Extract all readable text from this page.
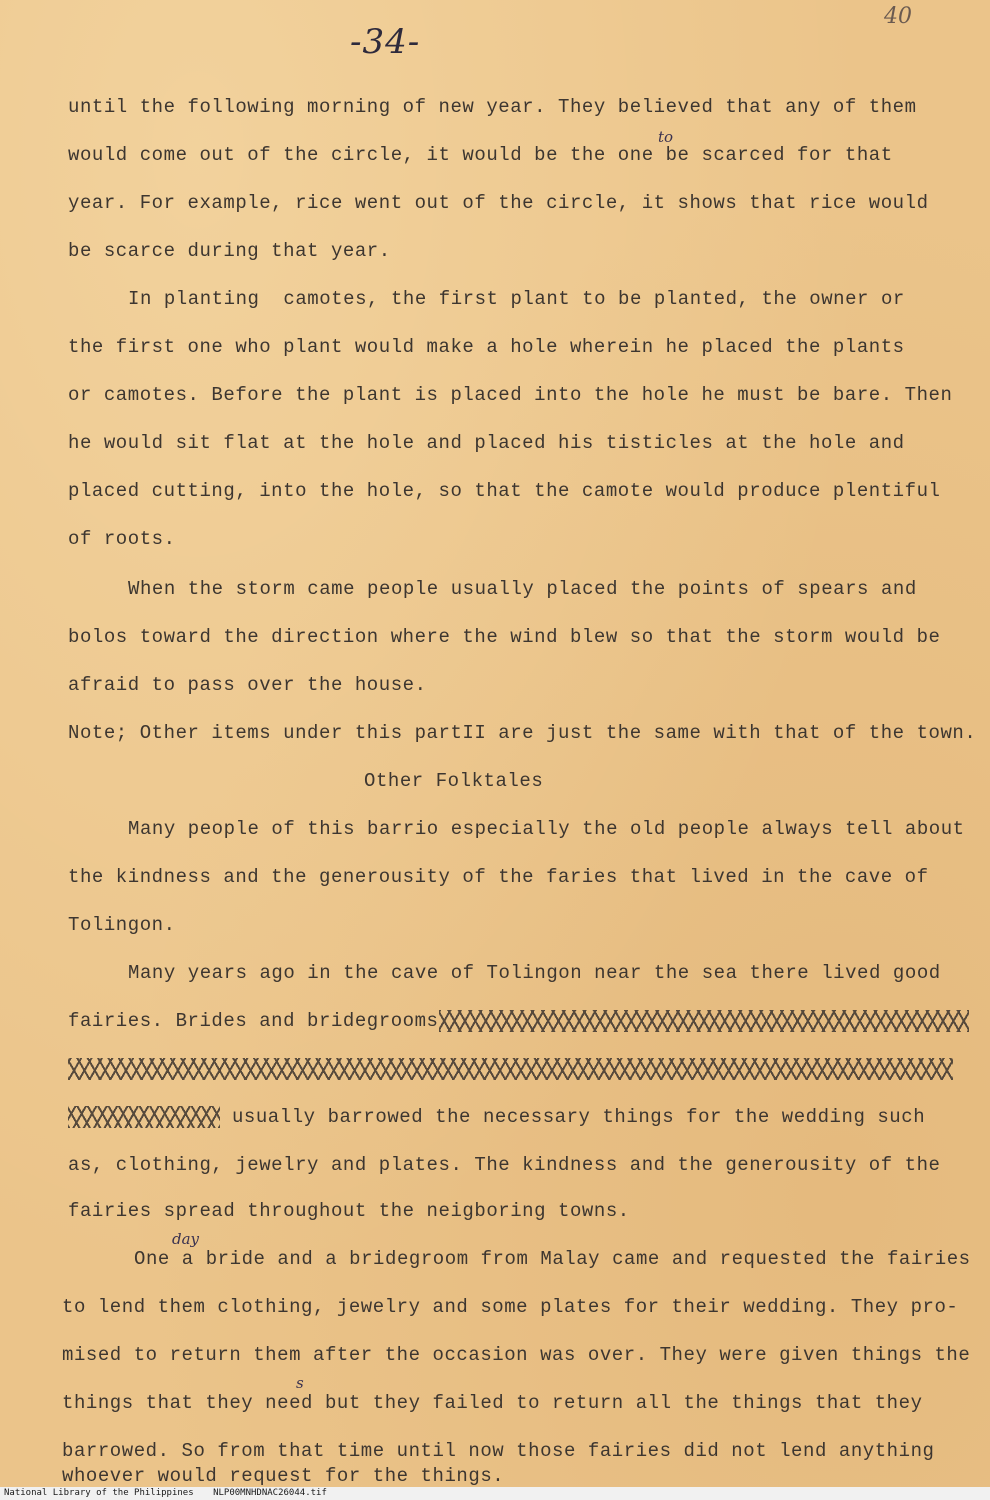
-34-
40
until the following morning of new year. They believed that any of them
would come out of the circle, it would be the one be scarced for that
to
year. For example, rice went out of the circle, it shows that rice would
be scarce during that year.
In planting  camotes, the first plant to be planted, the owner or
the first one who plant would make a hole wherein he placed the plants
or camotes. Before the plant is placed into the hole he must be bare. Then
he would sit flat at the hole and placed his tisticles at the hole and
placed cutting, into the hole, so that the camote would produce plentiful
of roots.
When the storm came people usually placed the points of spears and
bolos toward the direction where the wind blew so that the storm would be
afraid to pass over the house.
Note; Other items under this partII are just the same with that of the town.
Other Folktales
Many people of this barrio especially the old people always tell about
the kindness and the generousity of the faries that lived in the cave of
Tolingon.
Many years ago in the cave of Tolingon near the sea there lived good
fairies. Brides and bridegrooms
usually barrowed the necessary things for the wedding such
as, clothing, jewelry and plates. The kindness and the generousity of the
fairies spread throughout the neigboring towns.
day
One a bride and a bridegroom from Malay came and requested the fairies
to lend them clothing, jewelry and some plates for their wedding. They pro-
mised to return them after the occasion was over. They were given things the
s
things that they need but they failed to return all the things that they
barrowed. So from that time until now those fairies did not lend anything
whoever would request for the things.
National Library of the Philippines NLP00MNHDNAC26044.tif
